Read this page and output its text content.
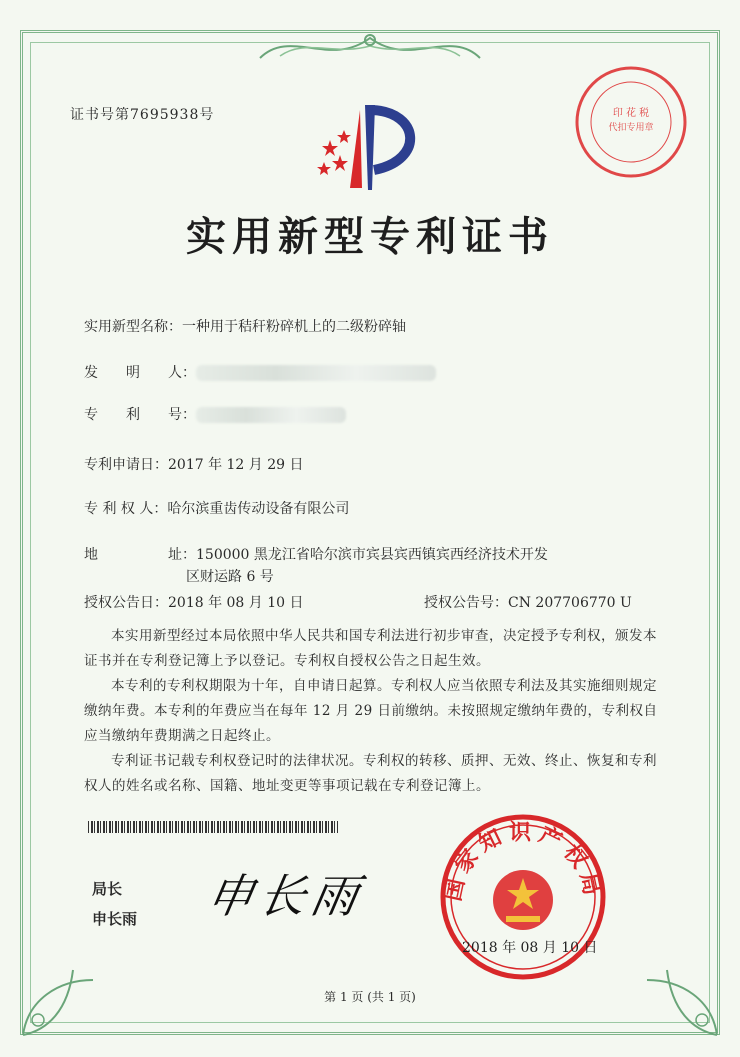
证书号第7695938号	印 花 税
代扣专用章
实用新型专利证书
实用新型名称：一种用于秸秆粉碎机上的二级粉碎轴
发　　明　　人：
专　　利　　号：
专利申请日：2017 年 12 月 29 日
专 利 权 人：哈尔滨重齿传动设备有限公司
地　　　　　址：150000 黑龙江省哈尔滨市宾县宾西镇宾西经济技术开发
区财运路 6 号
授权公告日：2018 年 08 月 10 日	授权公告号：CN 207706770 U
本实用新型经过本局依照中华人民共和国专利法进行初步审查，决定授予专利权，颁发本证书并在专利登记簿上予以登记。专利权自授权公告之日起生效。
本专利的专利权期限为十年，自申请日起算。专利权人应当依照专利法及其实施细则规定缴纳年费。本专利的年费应当在每年 12 月 29 日前缴纳。未按照规定缴纳年费的，专利权自应当缴纳年费期满之日起终止。
专利证书记载专利权登记时的法律状况。专利权的转移、质押、无效、终止、恢复和专利权人的姓名或名称、国籍、地址变更等事项记载在专利登记簿上。
局长
申长雨 申长雨	国家知识产权局
2018 年 08 月 10 日
第 1 页 (共 1 页)
